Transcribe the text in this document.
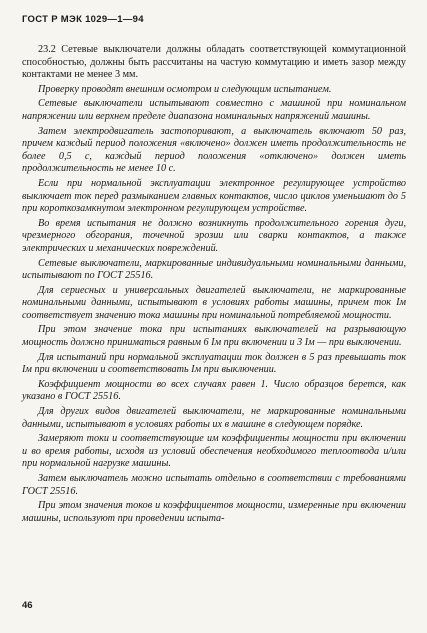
ГОСТ Р МЭК 1029—1—94

23.2 Сетевые выключатели должны обладать соответствующей коммутационной способностью, должны быть рассчитаны на частую коммутацию и иметь зазор между контактами не менее 3 мм.

Проверку проводят внешним осмотром и следующим испытанием.

Сетевые выключатели испытывают совместно с машиной при номинальном напряжении или верхнем пределе диапазона номинальных напряжений машины.

Затем электродвигатель застопоривают, а выключатель включают 50 раз, причем каждый период положения «включено» должен иметь продолжительность не более 0,5 с, каждый период положения «отключено» должен иметь продолжительность не менее 10 с.

Если при нормальной эксплуатации электронное регулирующее устройство выключает ток перед размыканием главных контактов, число циклов уменьшают до 5 при короткозамкнутом электронном регулирующем устройстве.

Во время испытания не должно возникнуть продолжительного горения дуги, чрезмерного обгорания, точечной эрозии или сварки контактов, а также электрических и механических повреждений.

Сетевые выключатели, маркированные индивидуальными номинальными данными, испытывают по ГОСТ 25516.

Для сериесных и универсальных двигателей выключатели, не маркированные номинальными данными, испытывают в условиях работы машины, причем ток Iм соответствует значению тока машины при номинальной потребляемой мощности.

При этом значение тока при испытаниях выключателей на разрывающую мощность должно приниматься равным 6 Iм при включении и 3 Iм — при выключении.

Для испытаний при нормальной эксплуатации ток должен в 5 раз превышать ток Iм при включении и соответствовать Iм при выключении.

Коэффициент мощности во всех случаях равен 1. Число образцов берется, как указано в ГОСТ 25516.

Для других видов двигателей выключатели, не маркированные номинальными данными, испытывают в условиях работы их в машине в следующем порядке.

Замеряют токи и соответствующие им коэффициенты мощности при включении и во время работы, исходя из условий обеспечения необходимого теплоотвода и/или при нормальной нагрузке машины.

Затем выключатель можно испытать отдельно в соответствии с требованиями ГОСТ 25516.

При этом значения токов и коэффициентов мощности, измеренные при включении машины, используют при проведении испыта-

46
